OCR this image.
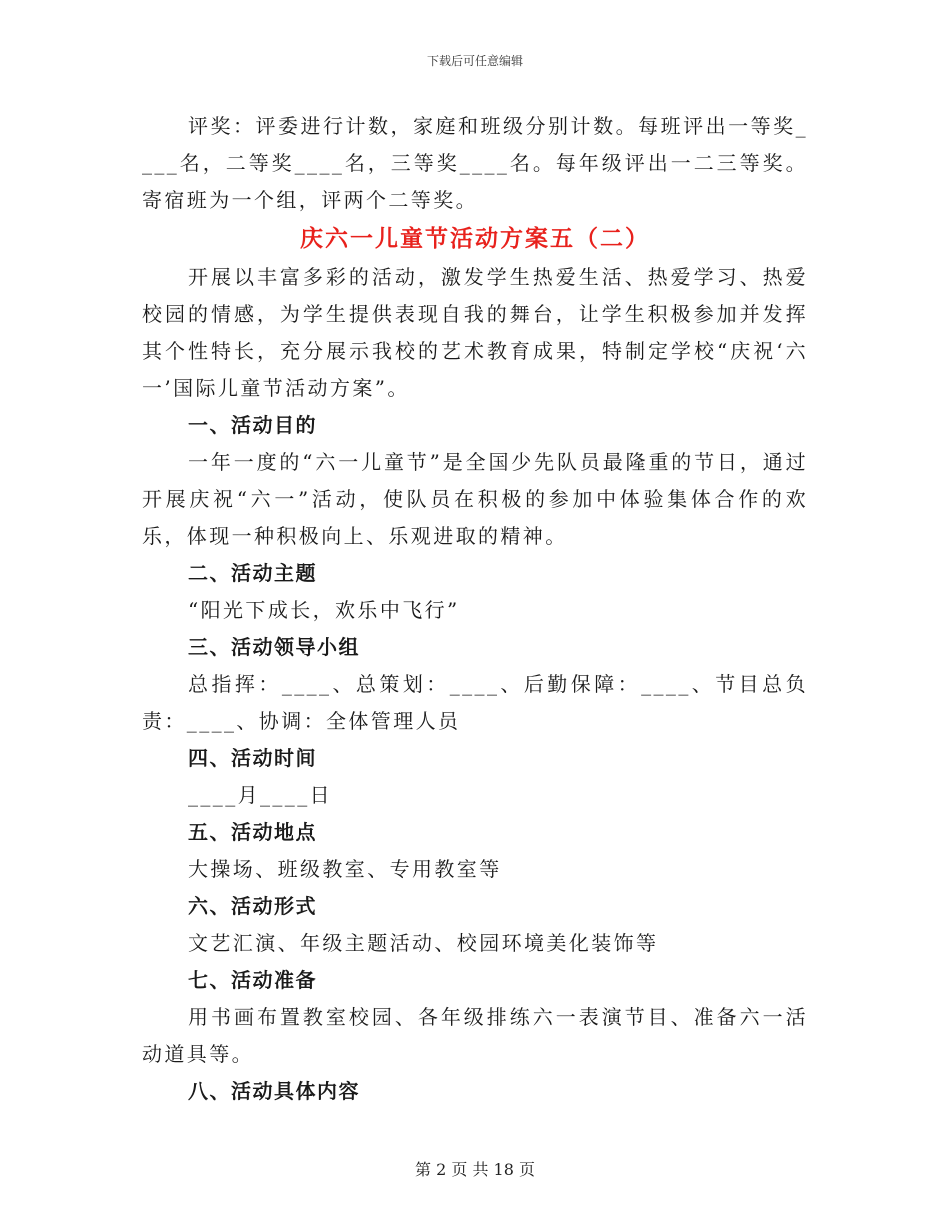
下载后可任意编辑

评奖：评委进行计数，家庭和班级分别计数。每班评出一等奖____名，二等奖____名，三等奖____名。每年级评出一二三等奖。寄宿班为一个组，评两个二等奖。

庆六一儿童节活动方案五（二）

开展以丰富多彩的活动，激发学生热爱生活、热爱学习、热爱校园的情感，为学生提供表现自我的舞台，让学生积极参加并发挥其个性特长，充分展示我校的艺术教育成果，特制定学校“庆祝‘六一’国际儿童节活动方案”。

一、活动目的

一年一度的“六一儿童节”是全国少先队员最隆重的节日，通过开展庆祝“六一”活动，使队员在积极的参加中体验集体合作的欢乐，体现一种积极向上、乐观进取的精神。

二、活动主题

“阳光下成长，欢乐中飞行”

三、活动领导小组

总指挥：____、总策划：____、后勤保障：____、节目总负责：____、协调：全体管理人员

四、活动时间

____月____日

五、活动地点

大操场、班级教室、专用教室等

六、活动形式

文艺汇演、年级主题活动、校园环境美化装饰等

七、活动准备

用书画布置教室校园、各年级排练六一表演节目、准备六一活动道具等。

八、活动具体内容
第 2 页 共 18 页
